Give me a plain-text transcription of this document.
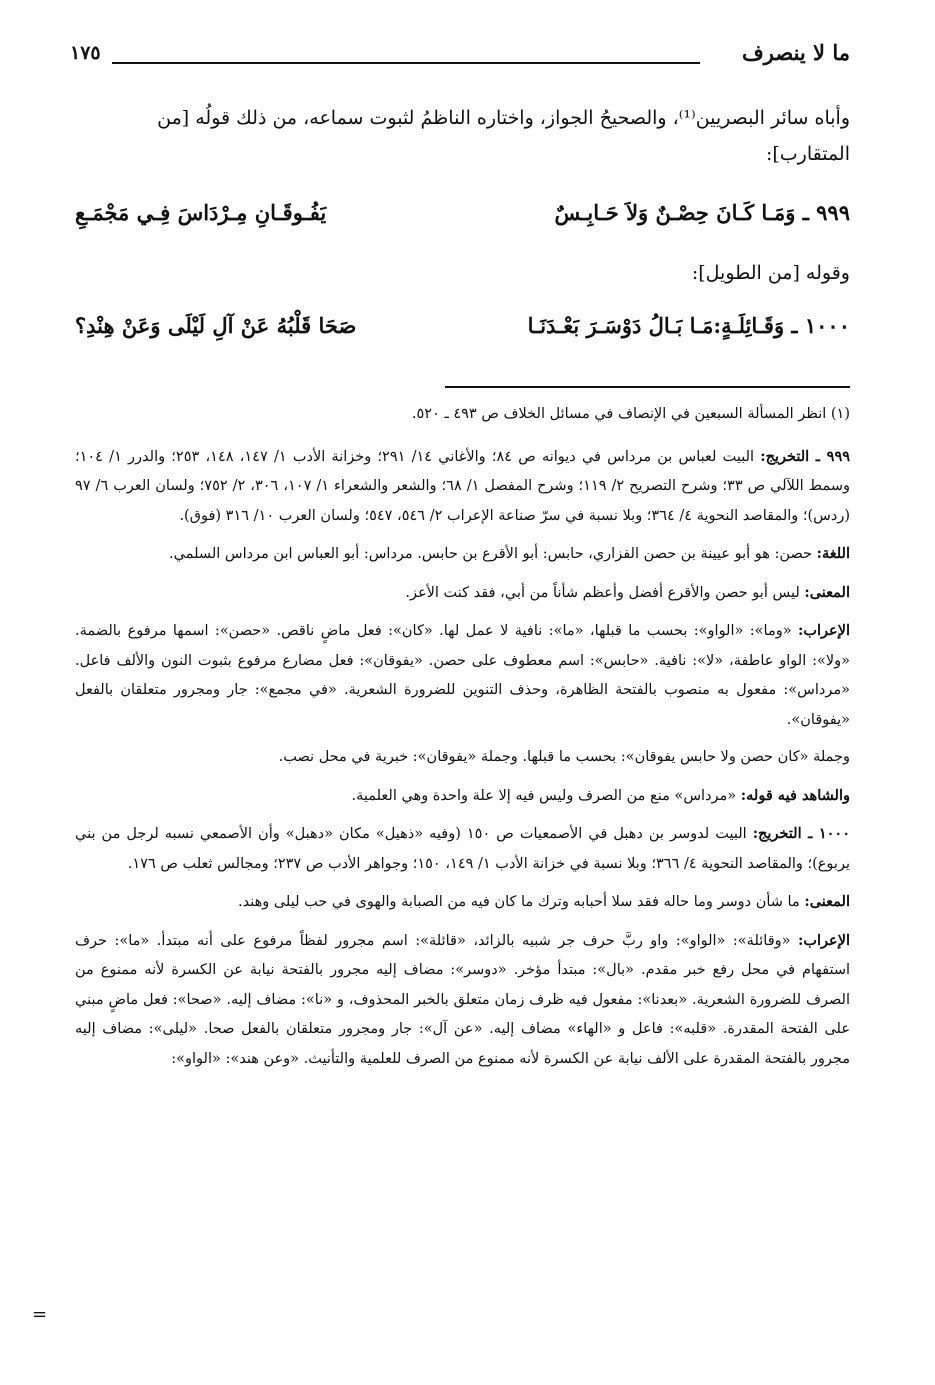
ما لا ينصرف
١٧٥

وأباه سائر البصريين⁽¹⁾، والصحيحُ الجواز، واختاره الناظمُ لثبوت سماعه، من ذلك قولُه [من المتقارب]:

٩٩٩ ـ وَمَـا كَـانَ حِصْـنٌ وَلاَ حَـابِـسٌ
يَفُـوقَـانِ مِـرْدَاسَ فِـي مَجْمَـعِ
وقوله [من الطويل]:
١٠٠٠ ـ وَقَـائِلَـةٍ:مَـا بَـالُ دَوْسَـرَ بَعْـدَنَـا
صَحَا قَلْبُهُ عَنْ آلِ لَيْلَى وَعَنْ هِنْدِ؟

(١) انظر المسألة السبعين في الإنصاف في مسائل الخلاف ص ٤٩٣ ـ ٥٢٠.

٩٩٩ ـ التخريج: البيت لعباس بن مرداس في ديوانه ص ٨٤؛ والأغاني ١٤/ ٢٩١؛ وخزانة الأدب ١/ ١٤٧، ١٤٨، ٢٥٣؛ والدرر ١/ ١٠٤؛ وسمط اللآلي ص ٣٣؛ وشرح التصريح ٢/ ١١٩؛ وشرح المفصل ١/ ٦٨؛ والشعر والشعراء ١/ ١٠٧، ٣٠٦، ٢/ ٧٥٢؛ ولسان العرب ٦/ ٩٧ (ردس)؛ والمقاصد النحوية ٤/ ٣٦٤؛ وبلا نسبة في سرّ صناعة الإعراب ٢/ ٥٤٦، ٥٤٧؛ ولسان العرب ١٠/ ٣١٦ (فوق).

اللغة: حصن: هو أبو عيينة بن حصن الفزاري، حابس: أبو الأقرع بن حابس. مرداس: أبو العباس ابن مرداس السلمي.

المعنى: ليس أبو حصن والأقرع أفضل وأعظم شأناً من أبي، فقد كنت الأعز.

الإعراب: «وما»: «الواو»: بحسب ما قبلها، «ما»: نافية لا عمل لها. «كان»: فعل ماضٍ ناقص. «حصن»: اسمها مرفوع بالضمة. «ولا»: الواو عاطفة، «لا»: نافية. «حابس»: اسم معطوف على حصن. «يفوقان»: فعل مضارع مرفوع بثبوت النون والألف فاعل. «مرداس»: مفعول به منصوب بالفتحة الظاهرة، وحذف التنوين للضرورة الشعرية. «في مجمع»: جار ومجرور متعلقان بالفعل «يفوقان».

وجملة «كان حصن ولا حابس يفوقان»: بحسب ما قبلها. وجملة «يفوقان»: خبرية في محل نصب.

والشاهد فيه قوله: «مرداس» منع من الصرف وليس فيه إلا علة واحدة وهي العلمية.

١٠٠٠ ـ التخريج: البيت لدوسر بن دهبل في الأصمعيات ص ١٥٠ (وفيه «ذهيل» مكان «دهبل» وأن الأصمعي نسبه لرجل من بني يربوع)؛ والمقاصد النحوية ٤/ ٣٦٦؛ وبلا نسبة في خزانة الأدب ١/ ١٤٩، ١٥٠؛ وجواهر الأدب ص ٢٣٧؛ ومجالس ثعلب ص ١٧٦.

المعنى: ما شأن دوسر وما حاله فقد سلا أحبابه وترك ما كان فيه من الصبابة والهوى في حب ليلى وهند.

الإعراب: «وقائلة»: «الواو»: واو ربَّ حرف جر شبيه بالزائد، «قائلة»: اسم مجرور لفظاً مرفوع على أنه مبتدأ. «ما»: حرف استفهام في محل رفع خبر مقدم. «بال»: مبتدأ مؤخر. «دوسر»: مضاف إليه مجرور بالفتحة نيابة عن الكسرة لأنه ممنوع من الصرف للضرورة الشعرية. «بعدنا»: مفعول فيه ظرف زمان متعلق بالخبر المحذوف، و «نا»: مضاف إليه. «صحا»: فعل ماضٍ مبني على الفتحة المقدرة. «قلبه»: فاعل و «الهاء» مضاف إليه. «عن آل»: جار ومجرور متعلقان بالفعل صحا. «ليلى»: مضاف إليه مجرور بالفتحة المقدرة على الألف نيابة عن الكسرة لأنه ممنوع من الصرف للعلمية والتأنيث. «وعن هند»: «الواو»:

=
